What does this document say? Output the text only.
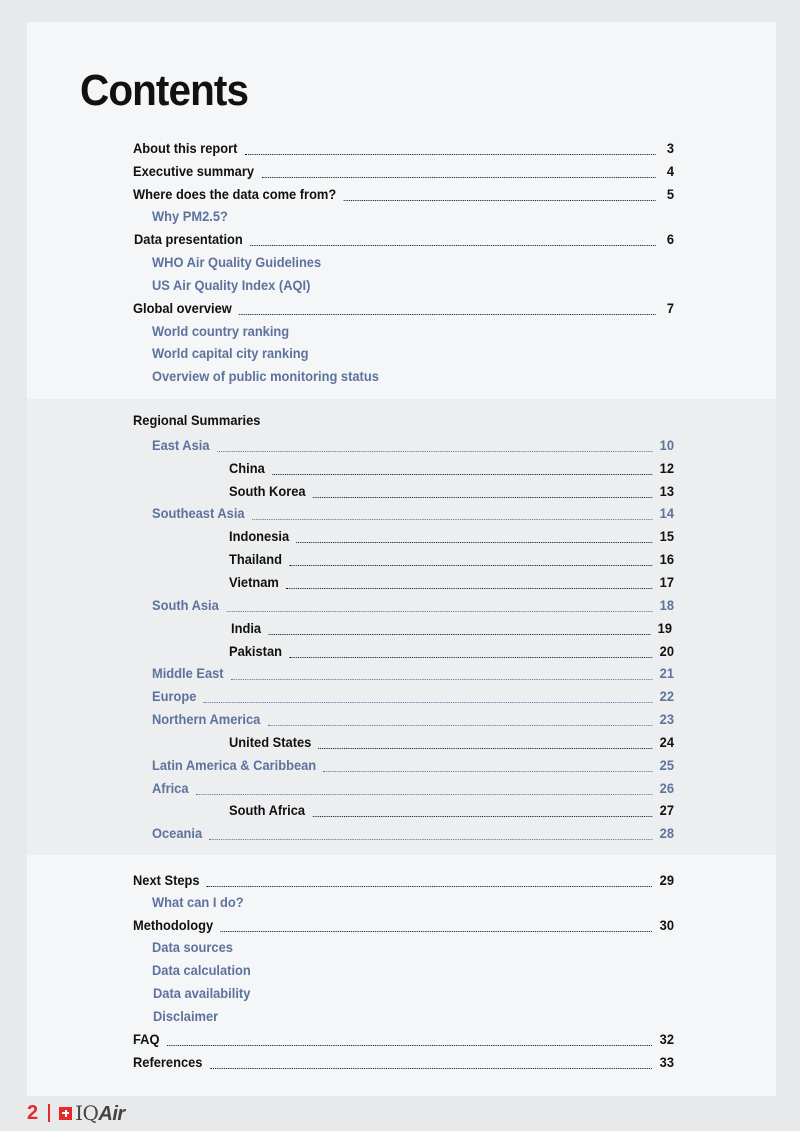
Contents
About this report	3
Executive summary	4
Where does the data come from?	5
Why PM2.5?
Data presentation	6
WHO Air Quality Guidelines
US Air Quality Index (AQI)
Global overview	7
World country ranking
World capital city ranking
Overview of public monitoring status
Regional Summaries
East Asia	10
China	12
South Korea	13
Southeast Asia	14
Indonesia	15
Thailand	16
Vietnam	17
South Asia	18
India	19
Pakistan	20
Middle East	21
Europe	22
Northern America	23
United States	24
Latin America & Caribbean	25
Africa	26
South Africa	27
Oceania	28
Next Steps	29
What can I do?
Methodology	30
Data sources
Data calculation
Data availability
Disclaimer
FAQ	32
References	33
2 IQAir
